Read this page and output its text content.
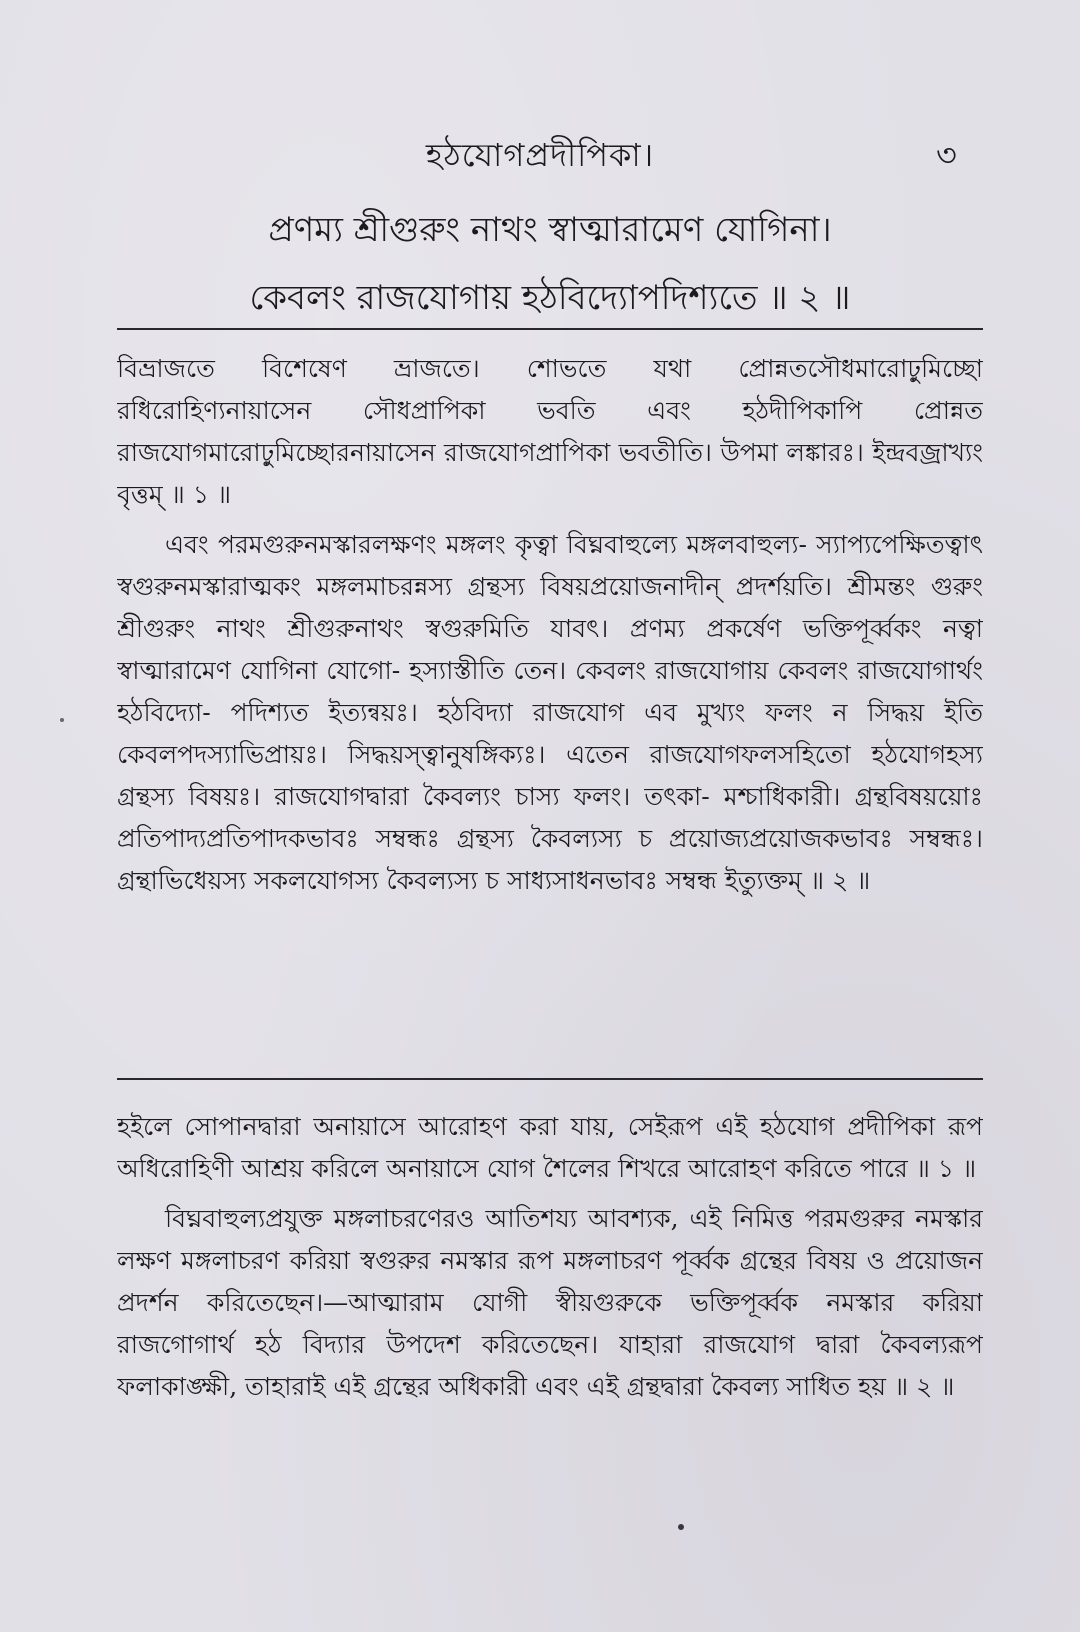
হঠযোগপ্রদীপিকা।	৩
প্রণম্য শ্রীগুরুং নাথং স্বাত্মারামেণ যোগিনা।
কেবলং রাজযোগায় হঠবিদ্যোপদিশ্যতে ॥ ২ ॥

বিভ্রাজতে বিশেষেণ ভ্রাজতে। শোভতে যথা প্রোন্নতসৌধমারোঢ়ুমিচ্ছো রধিরোহিণ্যনায়াসেন সৌধপ্রাপিকা ভবতি এবং হঠদীপিকাপি প্রোন্নত রাজযোগমারোঢ়ুমিচ্ছোরনায়াসেন রাজযোগপ্রাপিকা ভবতীতি। উপমা লঙ্কারঃ। ইন্দ্রবজ্রাখ্যং বৃত্তম্ ॥ ১ ॥

এবং পরমগুরুনমস্কারলক্ষণং মঙ্গলং কৃত্বা বিঘ্নবাহুল্যে মঙ্গলবাহুল্য- স্যাপ্যপেক্ষিতত্বাৎ স্বগুরুনমস্কারাত্মকং মঙ্গলমাচরন্নস্য গ্রন্থস্য বিষয়প্রয়োজনাদীন্ প্রদর্শয়তি। শ্রীমন্তং গুরুং শ্রীগুরুং নাথং শ্রীগুরুনাথং স্বগুরুমিতি যাবৎ। প্রণম্য প্রকর্ষেণ ভক্তিপূর্ব্বকং নত্বা স্বাত্মারামেণ যোগিনা যোগো- হস্যাস্তীতি তেন। কেবলং রাজযোগায় কেবলং রাজযোগার্থং হঠবিদ্যো- পদিশ্যত ইত্যন্বয়ঃ। হঠবিদ্যা রাজযোগ এব মুখ্যং ফলং ন সিদ্ধয় ইতি কেবলপদস্যাভিপ্রায়ঃ। সিদ্ধয়স্ত্বানুষঙ্গিক্যঃ। এতেন রাজযোগফলসহিতো হঠযোগহস্য গ্রন্থস্য বিষয়ঃ। রাজযোগদ্বারা কৈবল্যং চাস্য ফলং। তৎকা- মশ্চাধিকারী। গ্রন্থবিষয়য়োঃ প্রতিপাদ্যপ্রতিপাদকভাবঃ সম্বন্ধঃ গ্রন্থস্য কৈবল্যস্য চ প্রয়োজ্যপ্রয়োজকভাবঃ সম্বন্ধঃ। গ্রন্থাভিধেয়স্য সকলযোগস্য কৈবল্যস্য চ সাধ্যসাধনভাবঃ সম্বন্ধ ইত্যুক্তম্ ॥ ২ ॥

হইলে সোপানদ্বারা অনায়াসে আরোহণ করা যায়, সেইরূপ এই হঠযোগ প্রদীপিকা রূপ অধিরোহিণী আশ্রয় করিলে অনায়াসে যোগ শৈলের শিখরে আরোহণ করিতে পারে ॥ ১ ॥

বিঘ্নবাহুল্যপ্রযুক্ত মঙ্গলাচরণেরও আতিশয্য আবশ্যক, এই নিমিত্ত পরমগুরুর নমস্কার লক্ষণ মঙ্গলাচরণ করিয়া স্বগুরুর নমস্কার রূপ মঙ্গলাচরণ পূর্ব্বক গ্রন্থের বিষয় ও প্রয়োজন প্রদর্শন করিতেছেন।—আত্মারাম যোগী স্বীয়গুরুকে ভক্তিপূর্ব্বক নমস্কার করিয়া রাজগোগার্থ হঠ বিদ্যার উপদেশ করিতেছেন। যাহারা রাজযোগ দ্বারা কৈবল্যরূপ ফলাকাঙ্ক্ষী, তাহারাই এই গ্রন্থের অধিকারী এবং এই গ্রন্থদ্বারা কৈবল্য সাধিত হয় ॥ ২ ॥
